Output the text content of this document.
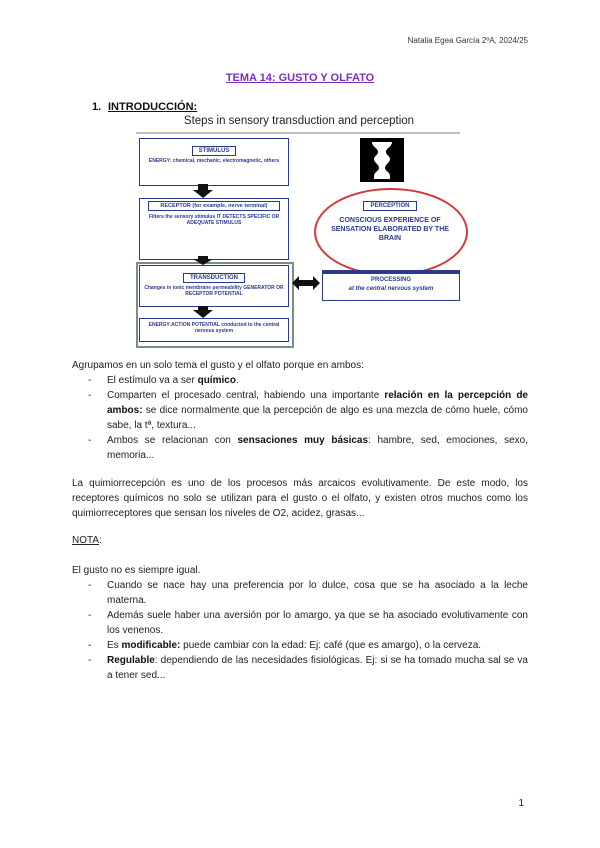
Natalia Egea García 2ºA, 2024/25
TEMA 14: GUSTO Y OLFATO
1. INTRODUCCIÓN:
Steps in sensory transduction and perception
STIMULUS
ENERGY: chemical, mechanic, electromagnetic, others
RECEPTOR (for example, nerve terminal)
Filters the sensory stimulus IT DETECTS SPECIFIC OR ADEQUATE STIMULUS
TRANSDUCTION
Changes in ionic membrane permeability GENERATOR OR RECEPTOR POTENTIAL
ENERGY:ACTION POTENTIAL conducted to the central nervous system
PERCEPTION
CONSCIOUS EXPERIENCE OF SENSATION ELABORATED BY THE BRAIN
PROCESSING
at the central nervous system
Agrupamos en un solo tema el gusto y el olfato porque en ambos:
- El estímulo va a ser químico.
- Comparten el procesado central, habiendo una importante relación en la percepción de ambos: se dice normalmente que la percepción de algo es una mezcla de cómo huele, cómo sabe, la tª, textura...
- Ambos se relacionan con sensaciones muy básicas: hambre, sed, emociones, sexo, memoria...
La quimiorrecepción es uno de los procesos más arcaicos evolutivamente. De este modo, los receptores químicos no solo se utilizan para el gusto o el olfato, y existen otros muchos como los quimiorreceptores que sensan los niveles de O2, acidez, grasas...
NOTA:
El gusto no es siempre igual.
- Cuando se nace hay una preferencia por lo dulce, cosa que se ha asociado a la leche materna.
- Además suele haber una aversión por lo amargo, ya que se ha asociado evolutivamente con los venenos.
- Es modificable: puede cambiar con la edad: Ej: café (que es amargo), o la cerveza.
- Regulable: dependiendo de las necesidades fisiológicas. Ej: si se ha tomado mucha sal se va a tener sed...
1
